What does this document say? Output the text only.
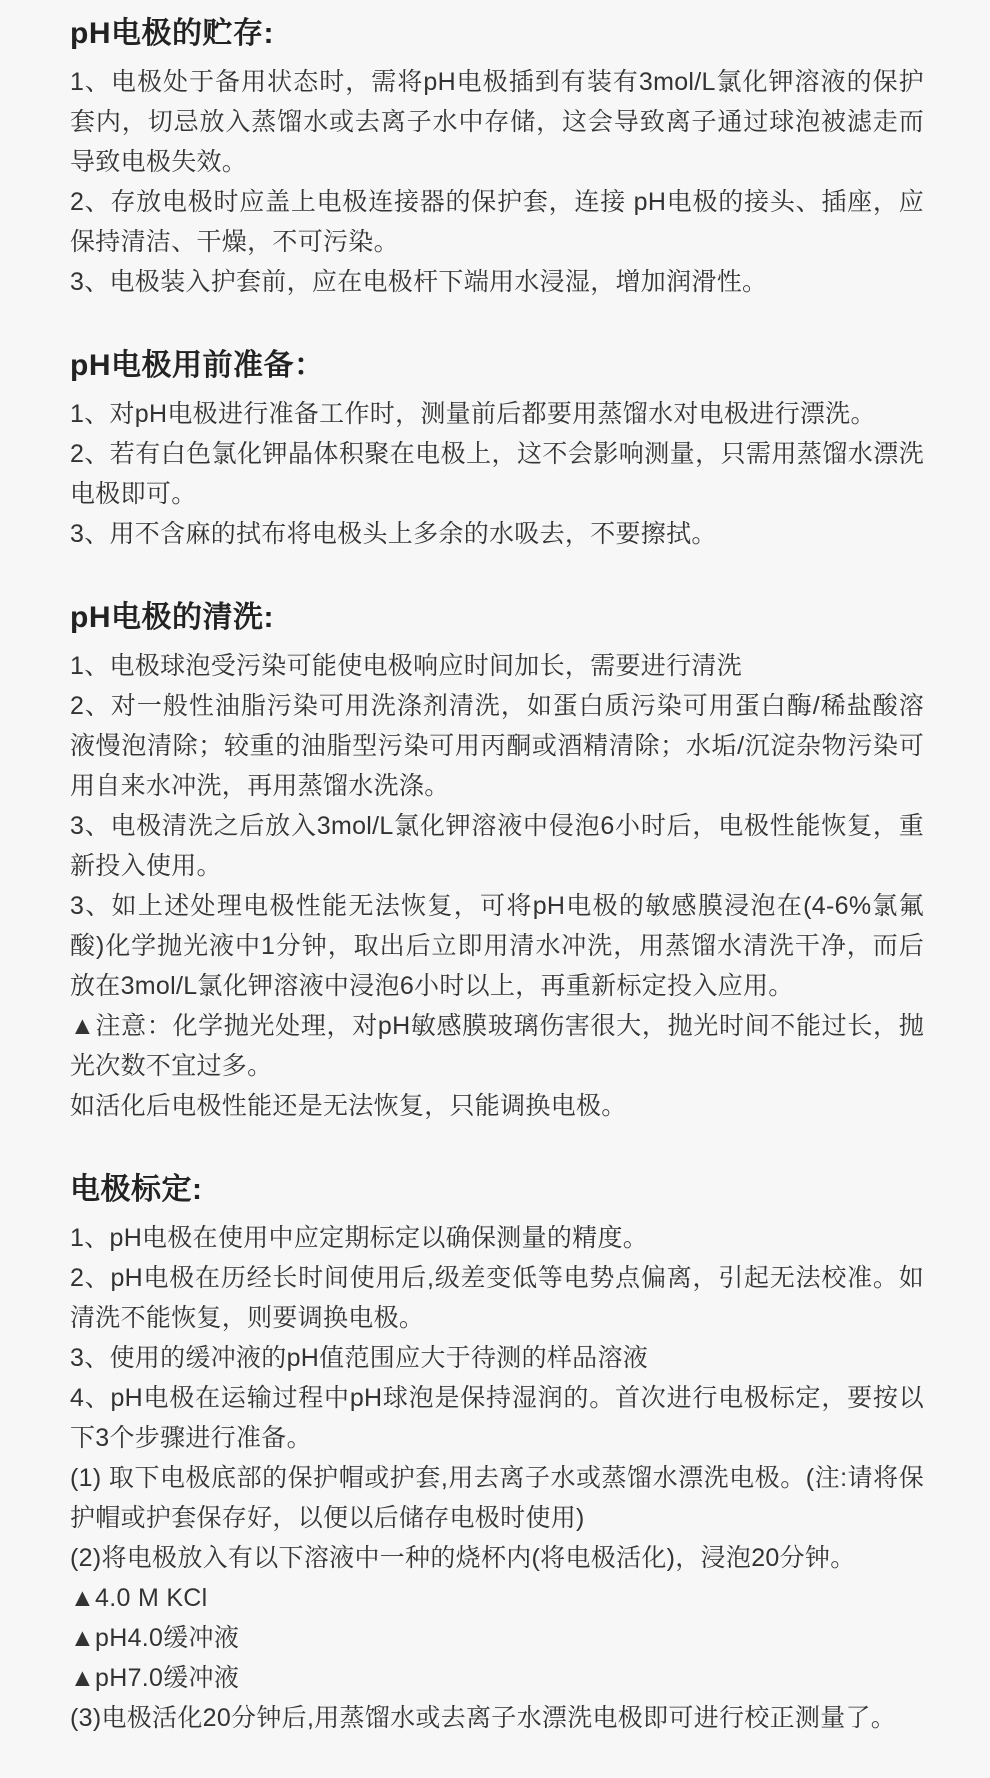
pH电极的贮存:

1、电极处于备用状态时，需将pH电极插到有装有3mol/L氯化钾溶液的保护套内，切忌放入蒸馏水或去离子水中存储，这会导致离子通过球泡被滤走而导致电极失效。

2、存放电极时应盖上电极连接器的保护套，连接 pH电极的接头、插座，应保持清洁、干燥，不可污染。

3、电极装入护套前，应在电极杆下端用水浸湿，增加润滑性。

pH电极用前准备：

1、对pH电极进行准备工作时，测量前后都要用蒸馏水对电极进行漂洗。

2、若有白色氯化钾晶体积聚在电极上，这不会影响测量，只需用蒸馏水漂洗电极即可。

3、用不含麻的拭布将电极头上多余的水吸去，不要擦拭。

pH电极的清洗:

1、电极球泡受污染可能使电极响应时间加长，需要进行清洗

2、对一般性油脂污染可用洗涤剂清洗，如蛋白质污染可用蛋白酶/稀盐酸溶液慢泡清除；较重的油脂型污染可用丙酮或酒精清除；水垢/沉淀杂物污染可用自来水冲洗，再用蒸馏水洗涤。

3、电极清洗之后放入3mol/L氯化钾溶液中侵泡6小时后，电极性能恢复，重新投入使用。

3、如上述处理电极性能无法恢复，可将pH电极的敏感膜浸泡在(4-6%氯氟酸)化学抛光液中1分钟，取出后立即用清水冲洗，用蒸馏水清洗干净，而后放在3mol/L氯化钾溶液中浸泡6小时以上，再重新标定投入应用。

▲注意：化学抛光处理，对pH敏感膜玻璃伤害很大，抛光时间不能过长，抛光次数不宜过多。

如活化后电极性能还是无法恢复，只能调换电极。

电极标定:

1、pH电极在使用中应定期标定以确保测量的精度。

2、pH电极在历经长时间使用后,级差变低等电势点偏离，引起无法校准。如清洗不能恢复，则要调换电极。

3、使用的缓冲液的pH值范围应大于待测的样品溶液

4、pH电极在运输过程中pH球泡是保持湿润的。首次进行电极标定，要按以下3个步骤进行准备。

(1) 取下电极底部的保护帽或护套,用去离子水或蒸馏水漂洗电极。(注:请将保护帽或护套保存好，以便以后储存电极时使用)

(2)将电极放入有以下溶液中一种的烧杯内(将电极活化)，浸泡20分钟。

▲4.0 M KCl

▲pH4.0缓冲液

▲pH7.0缓冲液

(3)电极活化20分钟后,用蒸馏水或去离子水漂洗电极即可进行校正测量了。
